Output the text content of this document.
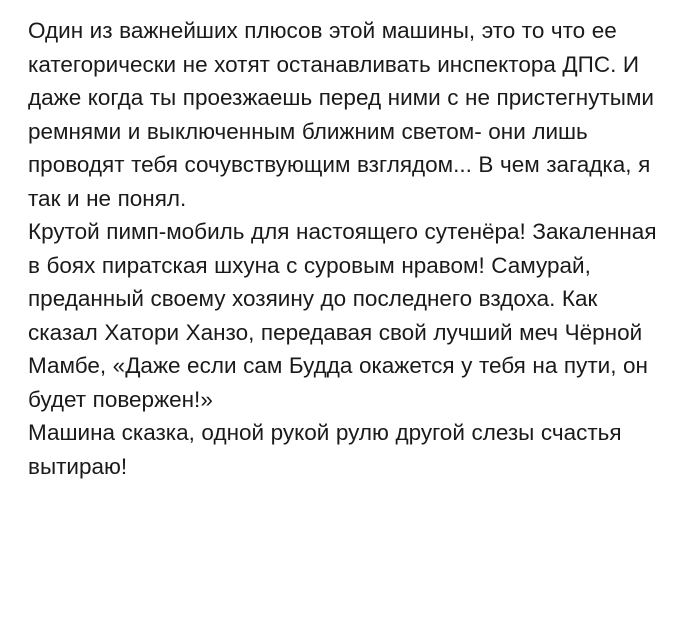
Один из важнейших плюсов этой машины, это то что ее категорически не хотят останавливать инспектора ДПС. И даже когда ты проезжаешь перед ними с не пристегнутыми ремнями и выключенным ближним светом- они лишь проводят тебя сочувствующим взглядом... В чем загадка, я так и не понял.

Крутой пимп-мобиль для настоящего сутенёра! Закаленная в боях пиратская шхуна с суровым нравом! Самурай, преданный своему хозяину до последнего вздоха. Как сказал Хатори Ханзо, передавая свой лучший меч Чёрной Мамбе, «Даже если сам Будда окажется у тебя на пути, он будет повержен!»

Машина сказка, одной рукой рулю другой слезы счастья вытираю!
